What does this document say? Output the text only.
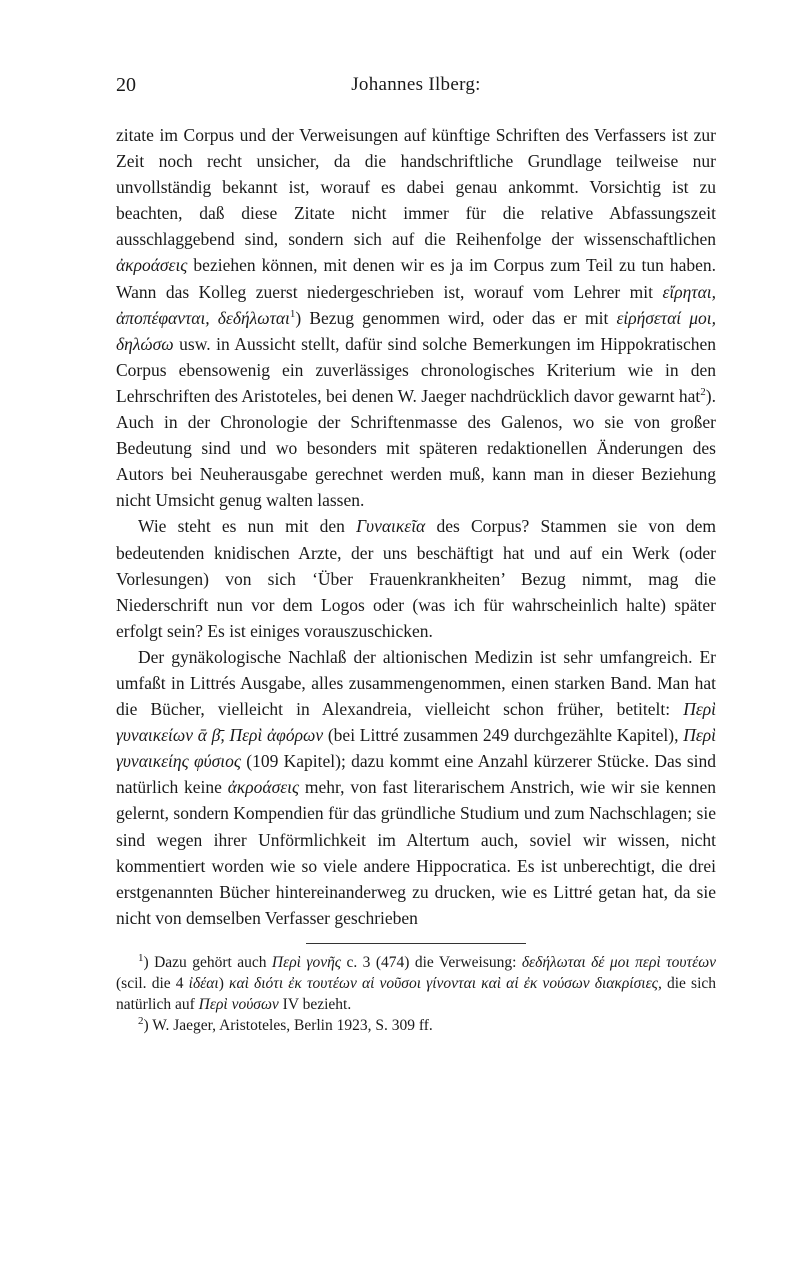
20	Johannes Ilberg:

zitate im Corpus und der Verweisungen auf künftige Schriften des Verfassers ist zur Zeit noch recht unsicher, da die handschriftliche Grundlage teilweise nur unvollständig bekannt ist, worauf es dabei genau ankommt. Vorsichtig ist zu beachten, daß diese Zitate nicht immer für die relative Abfassungszeit ausschlaggebend sind, sondern sich auf die Reihenfolge der wissenschaftlichen ἀκροάσεις beziehen können, mit denen wir es ja im Corpus zum Teil zu tun haben. Wann das Kolleg zuerst niedergeschrieben ist, worauf vom Lehrer mit εἴρηται, ἀποπέφανται, δεδήλωται$^1$) Bezug genommen wird, oder das er mit εἰρήσεταί μοι, δηλώσω usw. in Aussicht stellt, dafür sind solche Bemerkungen im Hippokratischen Corpus ebensowenig ein zuverlässiges chronologisches Kriterium wie in den Lehrschriften des Aristoteles, bei denen W. Jaeger nachdrücklich davor gewarnt hat$^2$). Auch in der Chronologie der Schriftenmasse des Galenos, wo sie von großer Bedeutung sind und wo besonders mit späteren redaktionellen Änderungen des Autors bei Neuherausgabe gerechnet werden muß, kann man in dieser Beziehung nicht Umsicht genug walten lassen.

Wie steht es nun mit den Γυναικεῖα des Corpus? Stammen sie von dem bedeutenden knidischen Arzte, der uns beschäftigt hat und auf ein Werk (oder Vorlesungen) von sich ‘Über Frauenkrankheiten’ Bezug nimmt, mag die Niederschrift nun vor dem Logos oder (was ich für wahrscheinlich halte) später erfolgt sein? Es ist einiges vorauszuschicken.

Der gynäkologische Nachlaß der altionischen Medizin ist sehr umfangreich. Er umfaßt in Littrés Ausgabe, alles zusammengenommen, einen starken Band. Man hat die Bücher, vielleicht in Alexandreia, vielleicht schon früher, betitelt: Περὶ γυναικείων ᾱ β̄, Περὶ ἀφόρων (bei Littré zusammen 249 durchgezählte Kapitel), Περὶ γυναικείης φύσιος (109 Kapitel); dazu kommt eine Anzahl kürzerer Stücke. Das sind natürlich keine ἀκροάσεις mehr, von fast literarischem Anstrich, wie wir sie kennen gelernt, sondern Kompendien für das gründliche Studium und zum Nachschlagen; sie sind wegen ihrer Unförmlichkeit im Altertum auch, soviel wir wissen, nicht kommentiert worden wie so viele andere Hippocratica. Es ist unberechtigt, die drei erstgenannten Bücher hintereinanderweg zu drucken, wie es Littré getan hat, da sie nicht von demselben Verfasser geschrieben

$^1$) Dazu gehört auch Περὶ γονῆς c. 3 (474) die Verweisung: δεδήλωται δέ μοι περὶ τουτέων (scil. die 4 ἰδέαι) καὶ διότι ἐκ τουτέων αἱ νοῦσοι γίνονται καὶ αἱ ἐκ νούσων διακρίσιες, die sich natürlich auf Περὶ νούσων IV bezieht.

$^2$) W. Jaeger, Aristoteles, Berlin 1923, S. 309 ff.
